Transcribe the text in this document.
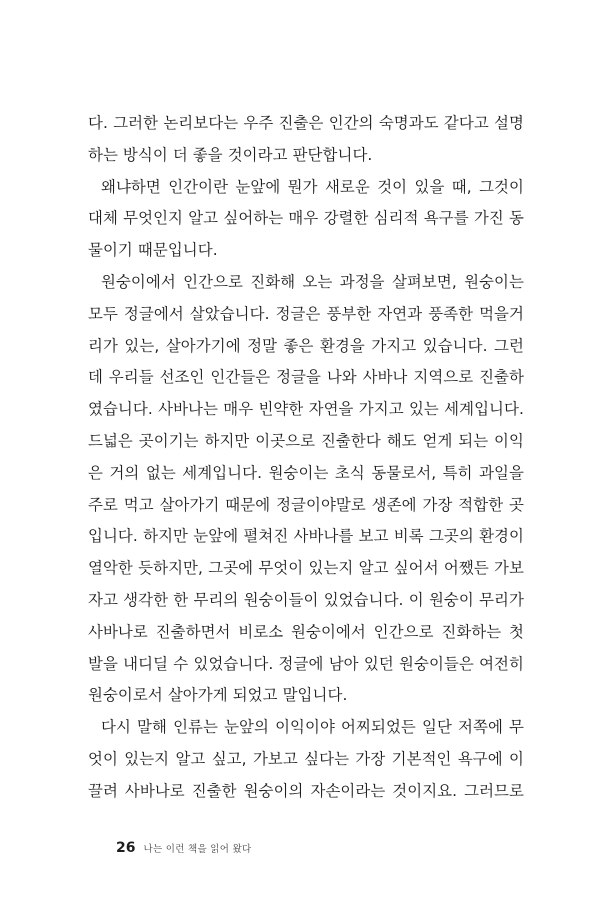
다. 그러한 논리보다는 우주 진출은 인간의 숙명과도 같다고 설명
하는 방식이 더 좋을 것이라고 판단합니다.
왜냐하면 인간이란 눈앞에 뭔가 새로운 것이 있을 때, 그것이
대체 무엇인지 알고 싶어하는 매우 강렬한 심리적 욕구를 가진 동
물이기 때문입니다.
원숭이에서 인간으로 진화해 오는 과정을 살펴보면, 원숭이는
모두 정글에서 살았습니다. 정글은 풍부한 자연과 풍족한 먹을거
리가 있는, 살아가기에 정말 좋은 환경을 가지고 있습니다. 그런
데 우리들 선조인 인간들은 정글을 나와 사바나 지역으로 진출하
였습니다. 사바나는 매우 빈약한 자연을 가지고 있는 세계입니다.
드넓은 곳이기는 하지만 이곳으로 진출한다 해도 얻게 되는 이익
은 거의 없는 세계입니다. 원숭이는 초식 동물로서, 특히 과일을
주로 먹고 살아가기 때문에 정글이야말로 생존에 가장 적합한 곳
입니다. 하지만 눈앞에 펼쳐진 사바나를 보고 비록 그곳의 환경이
열악한 듯하지만, 그곳에 무엇이 있는지 알고 싶어서 어쨌든 가보
자고 생각한 한 무리의 원숭이들이 있었습니다. 이 원숭이 무리가
사바나로 진출하면서 비로소 원숭이에서 인간으로 진화하는 첫
발을 내디딜 수 있었습니다. 정글에 남아 있던 원숭이들은 여전히
원숭이로서 살아가게 되었고 말입니다.
다시 말해 인류는 눈앞의 이익이야 어찌되었든 일단 저쪽에 무
엇이 있는지 알고 싶고, 가보고 싶다는 가장 기본적인 욕구에 이
끌려 사바나로 진출한 원숭이의 자손이라는 것이지요. 그러므로
26 나는 이런 책을 읽어 왔다
